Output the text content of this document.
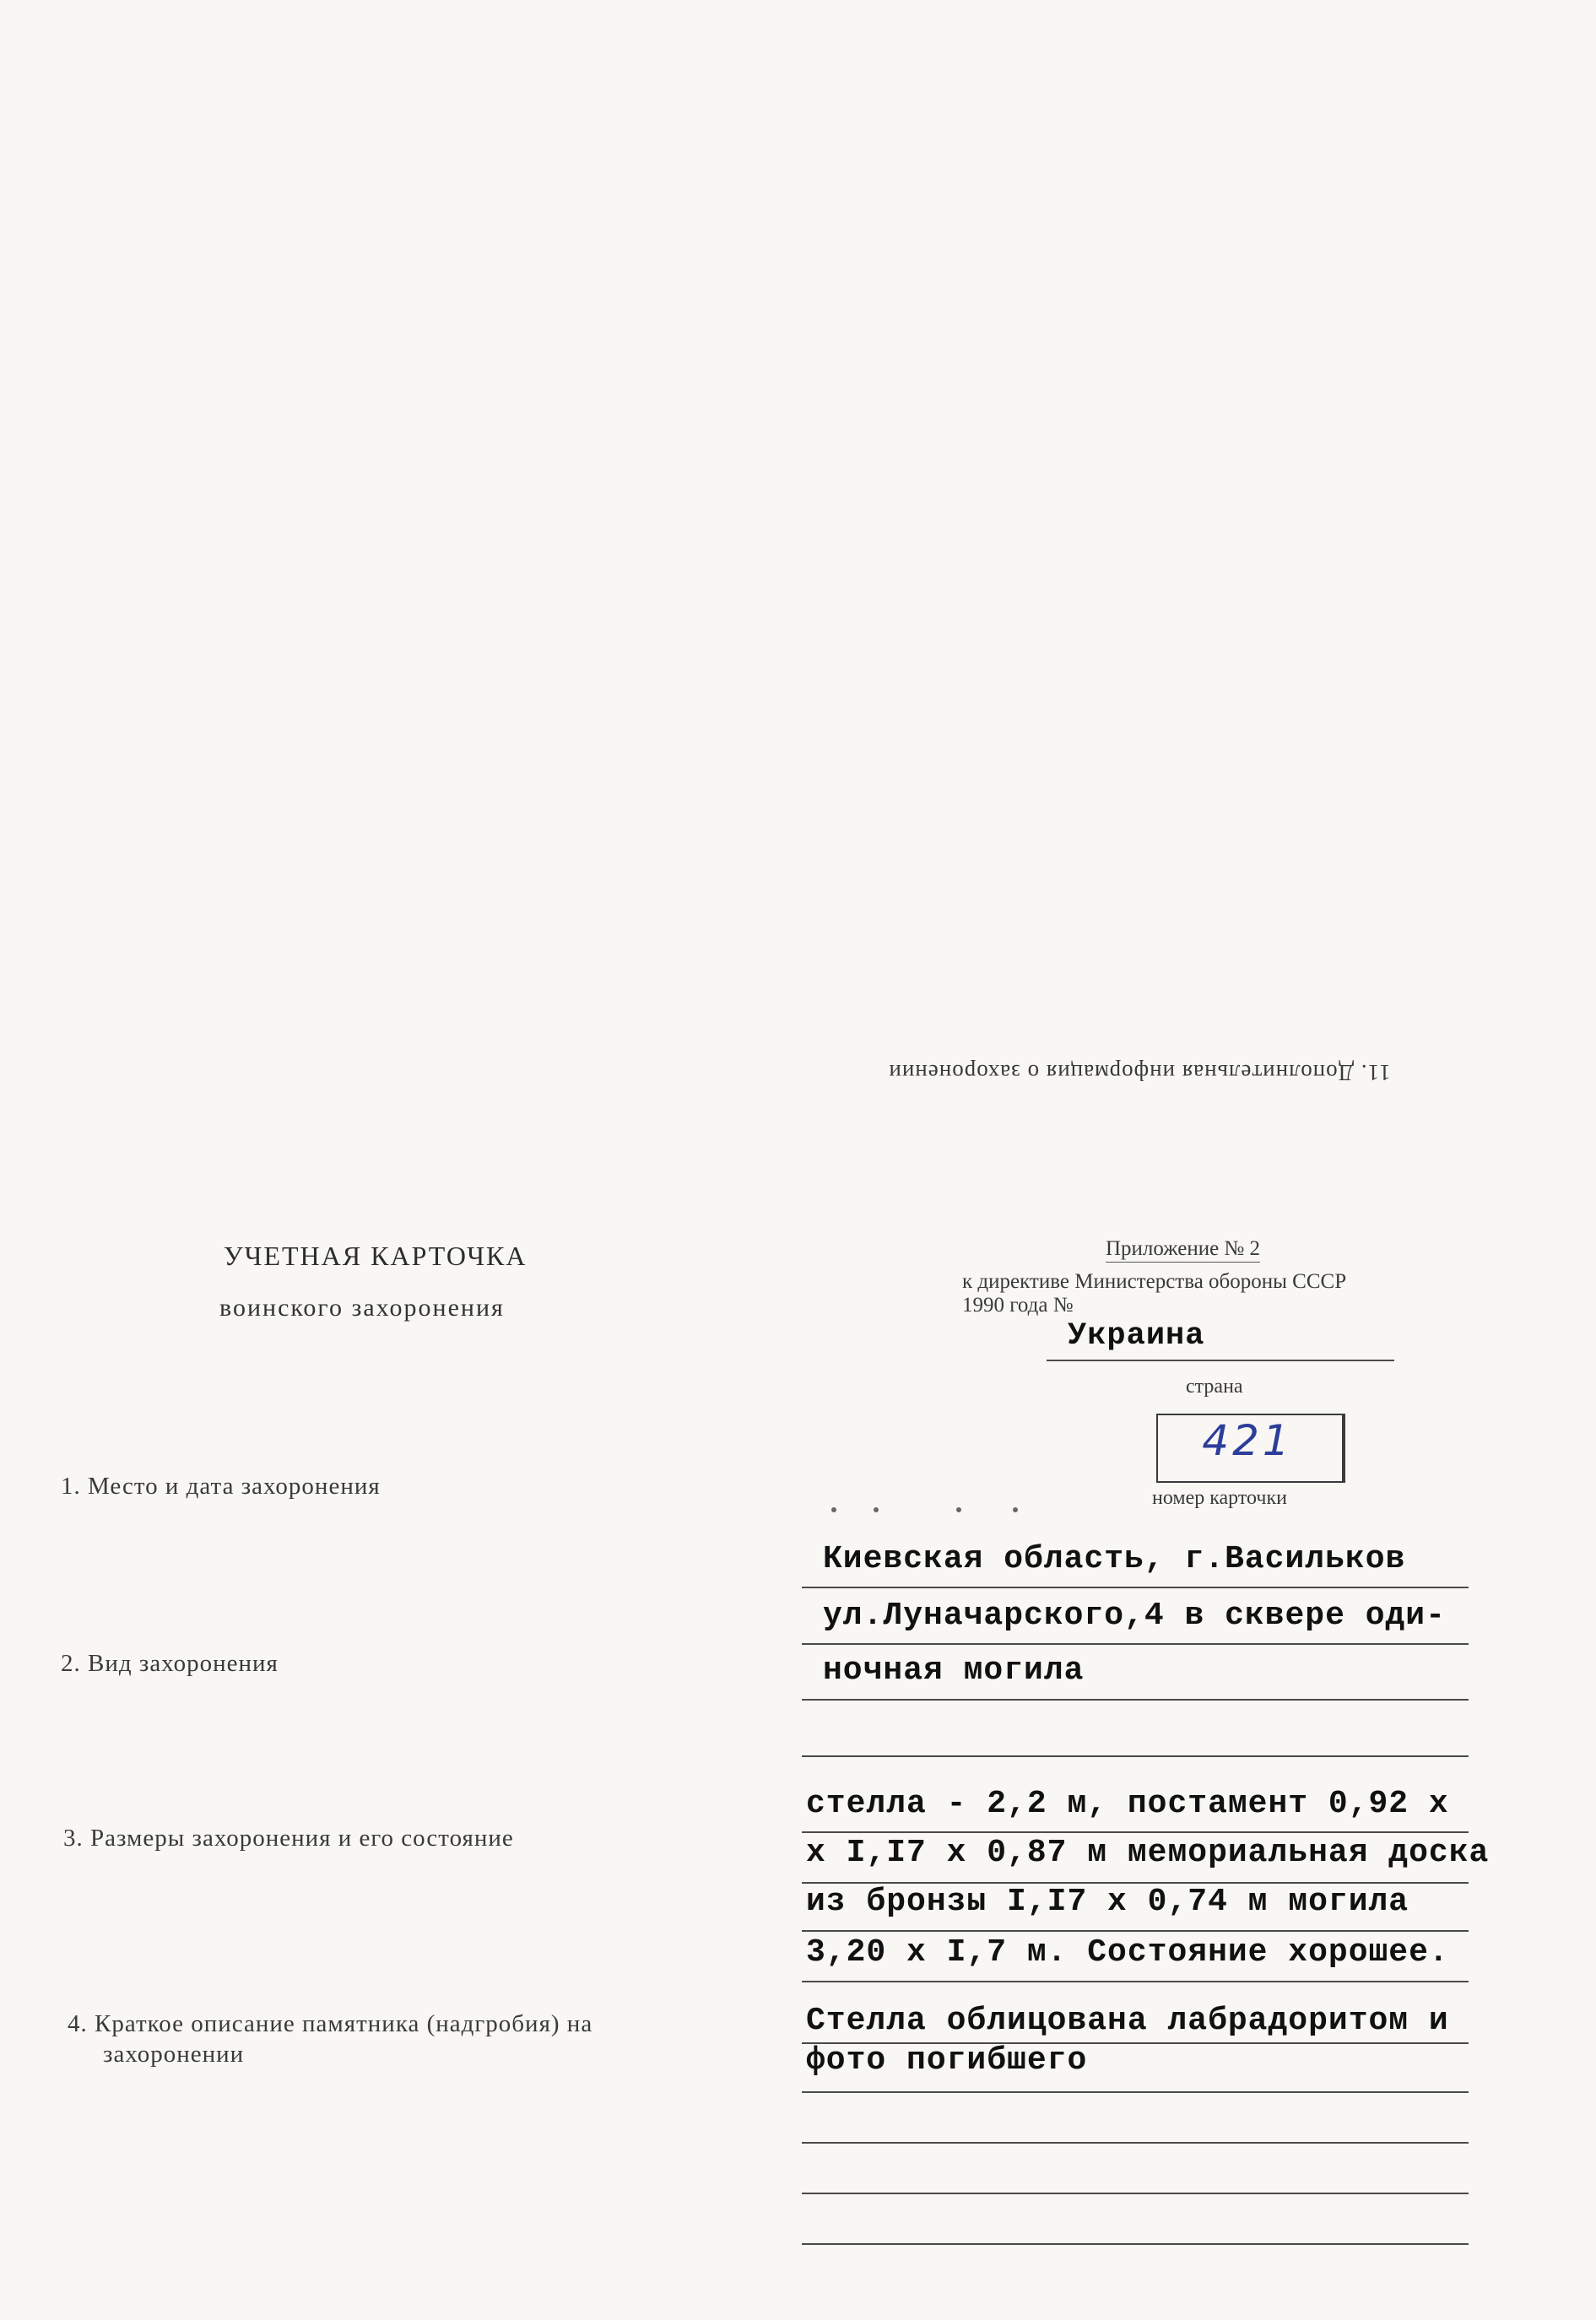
11. Дополнительная информация о захоронении
УЧЕТНАЯ КАРТОЧКА
воинского захоронения
Приложение № 2
к директиве Министерства обороны СССР
1990 года №
Украина
страна
421
номер карточки
1. Место и дата захоронения
2. Вид захоронения
3. Размеры захоронения и его состояние
4. Краткое описание памятника (надгробия) на
захоронении
Киевская область, г.Васильков
ул.Луначарского,4 в сквере оди-
ночная могила
стелла - 2,2 м, постамент 0,92 х
х I,I7 х 0,87 м мемориальная доска
из бронзы I,I7 х 0,74 м могила
3,20 х I,7 м. Состояние хорошее.
Стелла облицована лабрадоритом и
фото погибшего
